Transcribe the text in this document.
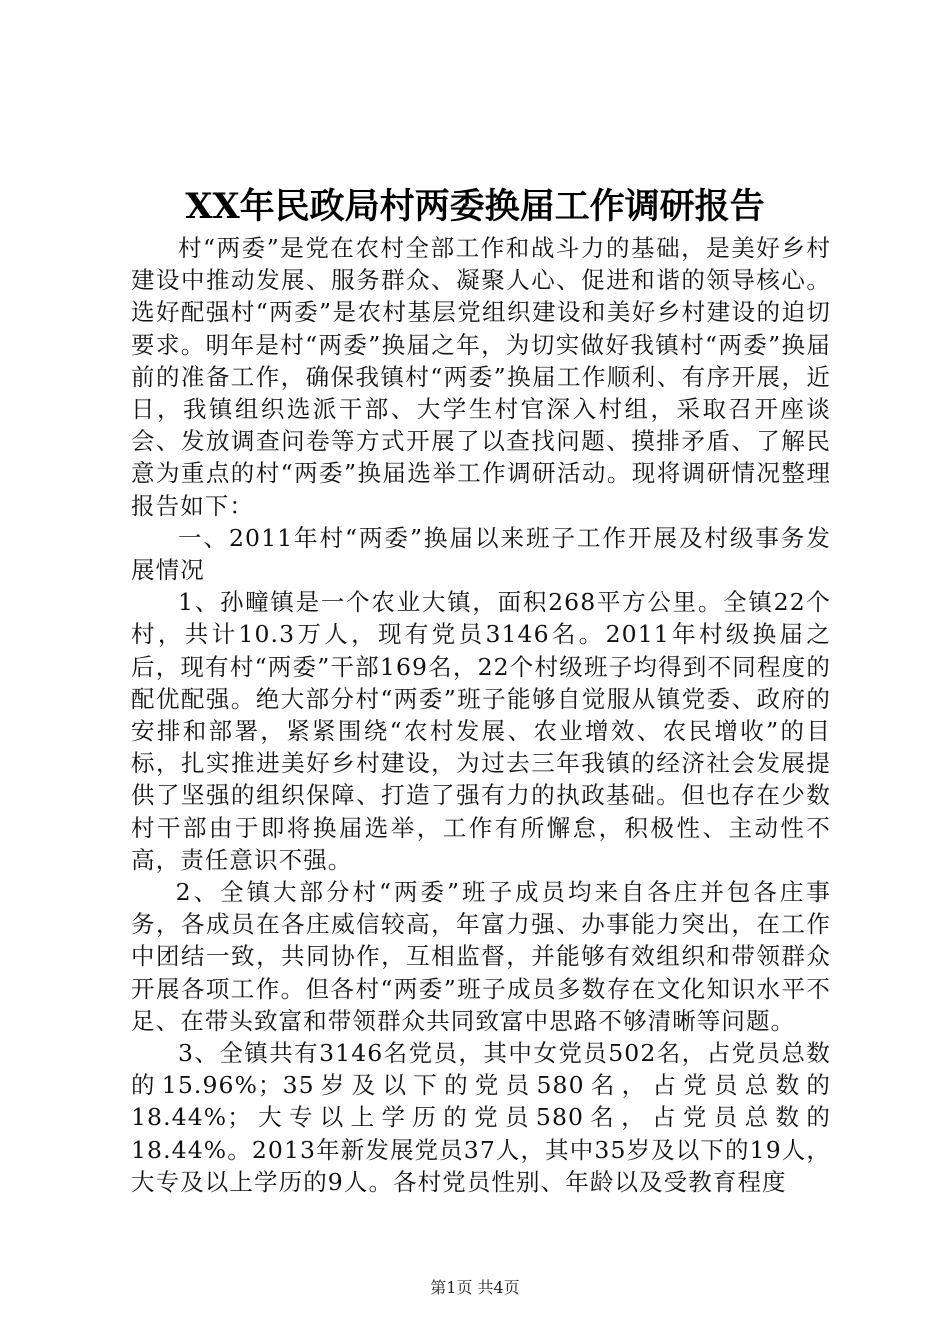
XX年民政局村两委换届工作调研报告

村“两委”是党在农村全部工作和战斗力的基础，是美好乡村建设中推动发展、服务群众、凝聚人心、促进和谐的领导核心。选好配强村“两委”是农村基层党组织建设和美好乡村建设的迫切要求。明年是村“两委”换届之年，为切实做好我镇村“两委”换届前的准备工作，确保我镇村“两委”换届工作顺利、有序开展，近日，我镇组织选派干部、大学生村官深入村组，采取召开座谈会、发放调查问卷等方式开展了以查找问题、摸排矛盾、了解民意为重点的村“两委”换届选举工作调研活动。现将调研情况整理报告如下：

一、2011年村“两委”换届以来班子工作开展及村级事务发展情况

1、孙疃镇是一个农业大镇，面积268平方公里。全镇22个村，共计10.3万人，现有党员3146名。2011年村级换届之后，现有村“两委”干部169名，22个村级班子均得到不同程度的配优配强。绝大部分村“两委”班子能够自觉服从镇党委、政府的安排和部署，紧紧围绕“农村发展、农业增效、农民增收”的目标，扎实推进美好乡村建设，为过去三年我镇的经济社会发展提供了坚强的组织保障、打造了强有力的执政基础。但也存在少数村干部由于即将换届选举，工作有所懈怠，积极性、主动性不高，责任意识不强。

2、全镇大部分村“两委”班子成员均来自各庄并包各庄事务，各成员在各庄威信较高，年富力强、办事能力突出，在工作中团结一致，共同协作，互相监督，并能够有效组织和带领群众开展各项工作。但各村“两委”班子成员多数存在文化知识水平不足、在带头致富和带领群众共同致富中思路不够清晰等问题。

3、全镇共有3146名党员，其中女党员502名，占党员总数的15.96%；35岁及以下的党员580名，占党员总数的18.44%；大专以上学历的党员580名，占党员总数的18.44%。2013年新发展党员37人，其中35岁及以下的19人，大专及以上学历的9人。各村党员性别、年龄以及受教育程度

第1页 共4页
